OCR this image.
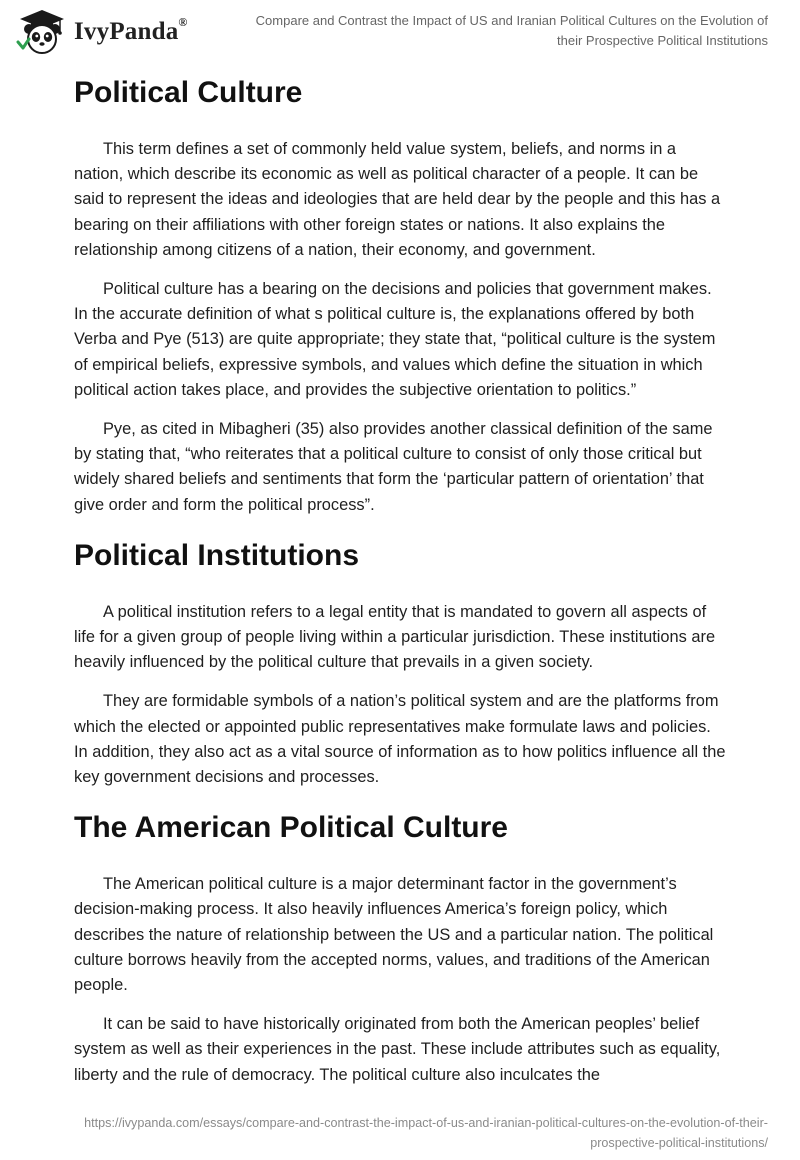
IvyPanda®	Compare and Contrast the Impact of US and Iranian Political Cultures on the Evolution of their Prospective Political Institutions
Political Culture

This term defines a set of commonly held value system, beliefs, and norms in a nation, which describe its economic as well as political character of a people. It can be said to represent the ideas and ideologies that are held dear by the people and this has a bearing on their affiliations with other foreign states or nations. It also explains the relationship among citizens of a nation, their economy, and government.

Political culture has a bearing on the decisions and policies that government makes. In the accurate definition of what s political culture is, the explanations offered by both Verba and Pye (513) are quite appropriate; they state that, “political culture is the system of empirical beliefs, expressive symbols, and values which define the situation in which political action takes place, and provides the subjective orientation to politics.”

Pye, as cited in Mibagheri (35) also provides another classical definition of the same by stating that, “who reiterates that a political culture to consist of only those critical but widely shared beliefs and sentiments that form the ‘particular pattern of orientation’ that give order and form the political process”.

Political Institutions

A political institution refers to a legal entity that is mandated to govern all aspects of life for a given group of people living within a particular jurisdiction. These institutions are heavily influenced by the political culture that prevails in a given society.

They are formidable symbols of a nation’s political system and are the platforms from which the elected or appointed public representatives make formulate laws and policies. In addition, they also act as a vital source of information as to how politics influence all the key government decisions and processes.

The American Political Culture

The American political culture is a major determinant factor in the government’s decision-making process. It also heavily influences America’s foreign policy, which describes the nature of relationship between the US and a particular nation. The political culture borrows heavily from the accepted norms, values, and traditions of the American people.

It can be said to have historically originated from both the American peoples’ belief system as well as their experiences in the past. These include attributes such as equality, liberty and the rule of democracy. The political culture also inculcates the

https://ivypanda.com/essays/compare-and-contrast-the-impact-of-us-and-iranian-political-cultures-on-the-evolution-of-their-prospective-political-institutions/
